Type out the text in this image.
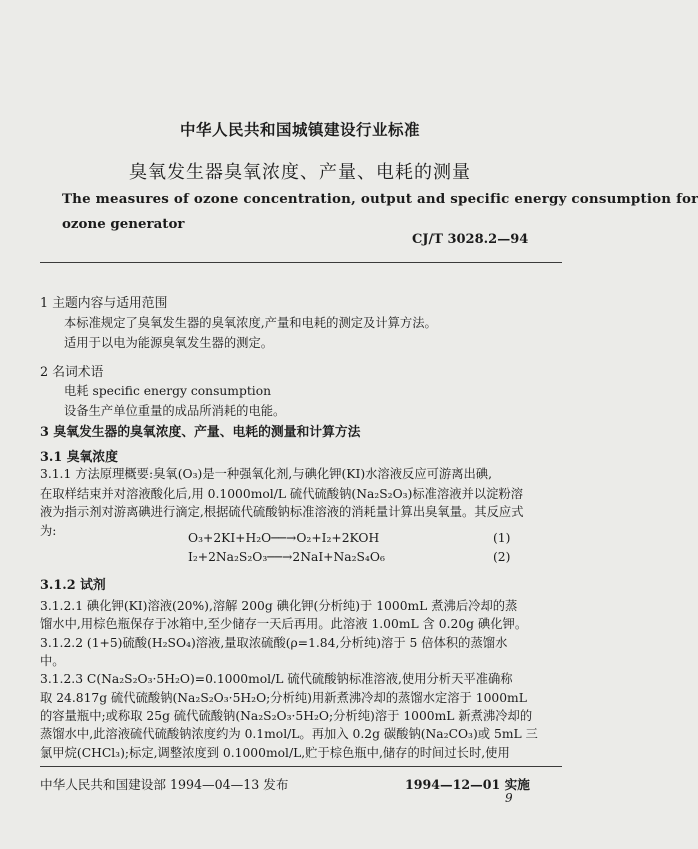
中华人民共和国城镇建设行业标准
臭氧发生器臭氧浓度、产量、电耗的测量
The measures of ozone concentration, output and specific energy consumption for
ozone generator
CJ/T 3028.2—94
1 主题内容与适用范围
本标准规定了臭氧发生器的臭氧浓度,产量和电耗的测定及计算方法。
适用于以电为能源臭氧发生器的测定。
2 名词术语
电耗 specific energy consumption
设备生产单位重量的成品所消耗的电能。
3 臭氧发生器的臭氧浓度、产量、电耗的测量和计算方法
3.1 臭氧浓度
3.1.1 方法原理概要:臭氧(O₃)是一种强氧化剂,与碘化钾(KI)水溶液反应可游离出碘,
在取样结束并对溶液酸化后,用 0.1000mol/L 硫代硫酸钠(Na₂S₂O₃)标准溶液并以淀粉溶
液为指示剂对游离碘进行滴定,根据硫代硫酸钠标准溶液的消耗量计算出臭氧量。其反应式
为:	O₃+2KI+H₂O──→O₂+I₂+2KOH	(1)
I₂+2Na₂S₂O₃──→2NaI+Na₂S₄O₆	(2)
3.1.2 试剂
3.1.2.1 碘化钾(KI)溶液(20%),溶解 200g 碘化钾(分析纯)于 1000mL 煮沸后冷却的蒸
馏水中,用棕色瓶保存于冰箱中,至少储存一天后再用。此溶液 1.00mL 含 0.20g 碘化钾。
3.1.2.2 (1+5)硫酸(H₂SO₄)溶液,量取浓硫酸(ρ=1.84,分析纯)溶于 5 倍体积的蒸馏水
中。
3.1.2.3 C(Na₂S₂O₃·5H₂O)=0.1000mol/L 硫代硫酸钠标准溶液,使用分析天平准确称
取 24.817g 硫代硫酸钠(Na₂S₂O₃·5H₂O;分析纯)用新煮沸冷却的蒸馏水定溶于 1000mL
的容量瓶中;或称取 25g 硫代硫酸钠(Na₂S₂O₃·5H₂O;分析纯)溶于 1000mL 新煮沸冷却的
蒸馏水中,此溶液硫代硫酸钠浓度约为 0.1mol/L。再加入 0.2g 碳酸钠(Na₂CO₃)或 5mL 三
氯甲烷(CHCl₃);标定,调整浓度到 0.1000mol/L,贮于棕色瓶中,储存的时间过长时,使用
中华人民共和国建设部 1994—04—13 发布	1994—12—01 实施
9
